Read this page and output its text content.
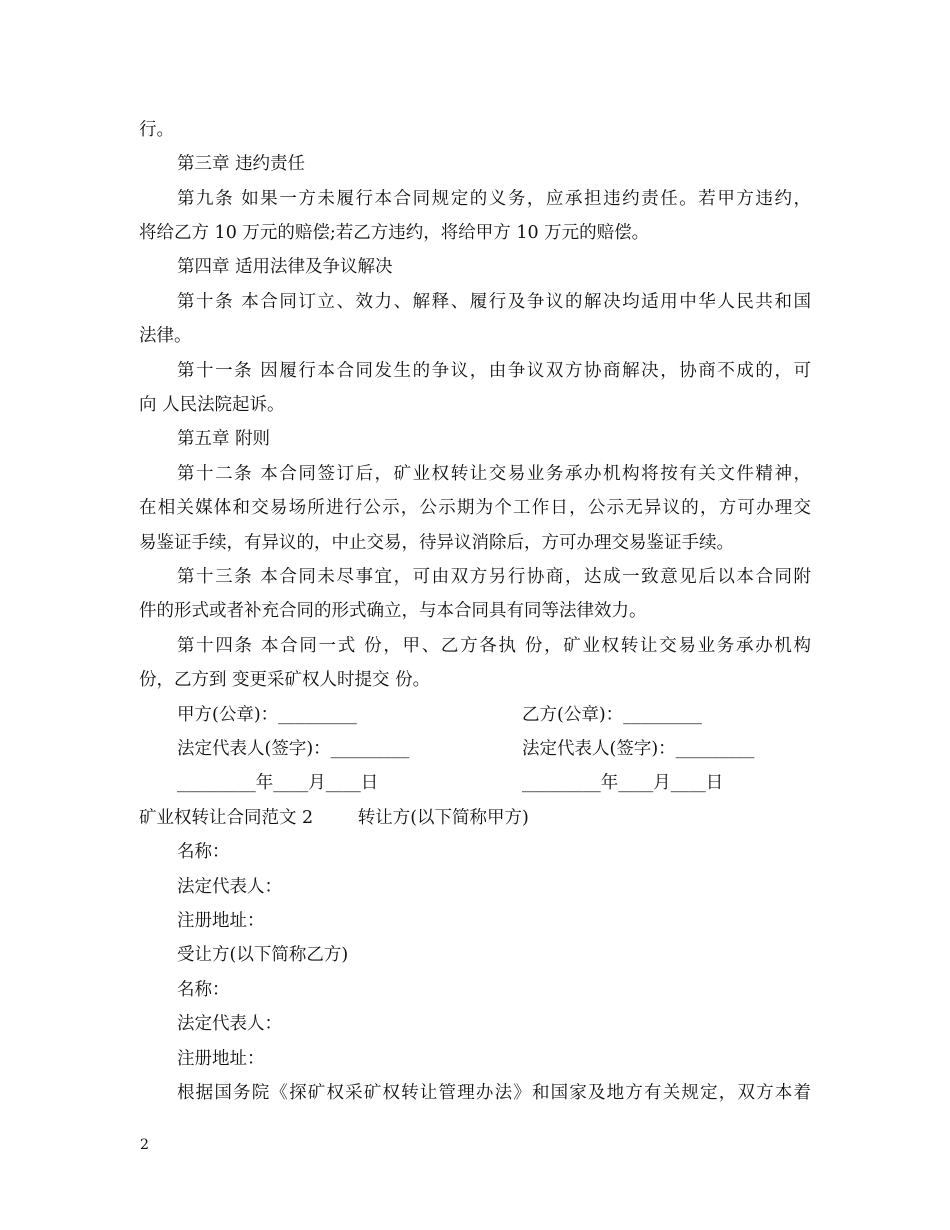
行。
第三章 违约责任
第九条 如果一方未履行本合同规定的义务，应承担违约责任。若甲方违约，
将给乙方 10 万元的赔偿;若乙方违约，将给甲方 10 万元的赔偿。
第四章 适用法律及争议解决
第十条 本合同订立、效力、解释、履行及争议的解决均适用中华人民共和国
法律。
第十一条 因履行本合同发生的争议，由争议双方协商解决，协商不成的，可
向 人民法院起诉。
第五章 附则
第十二条 本合同签订后，矿业权转让交易业务承办机构将按有关文件精神，
在相关媒体和交易场所进行公示，公示期为个工作日，公示无异议的，方可办理交
易鉴证手续，有异议的，中止交易，待异议消除后，方可办理交易鉴证手续。
第十三条 本合同未尽事宜，可由双方另行协商，达成一致意见后以本合同附
件的形式或者补充合同的形式确立，与本合同具有同等法律效力。
第十四条 本合同一式 份，甲、乙方各执 份，矿业权转让交易业务承办机构
份，乙方到 变更采矿权人时提交 份。
甲方(公章)：_________	乙方(公章)：_________
法定代表人(签字)：_________	法定代表人(签字)：_________
_________年____月____日	_________年____月____日
矿业权转让合同范文 2        转让方(以下简称甲方)
名称：
法定代表人：
注册地址：
受让方(以下简称乙方)
名称：
法定代表人：
注册地址：
根据国务院《探矿权采矿权转让管理办法》和国家及地方有关规定，双方本着
2
